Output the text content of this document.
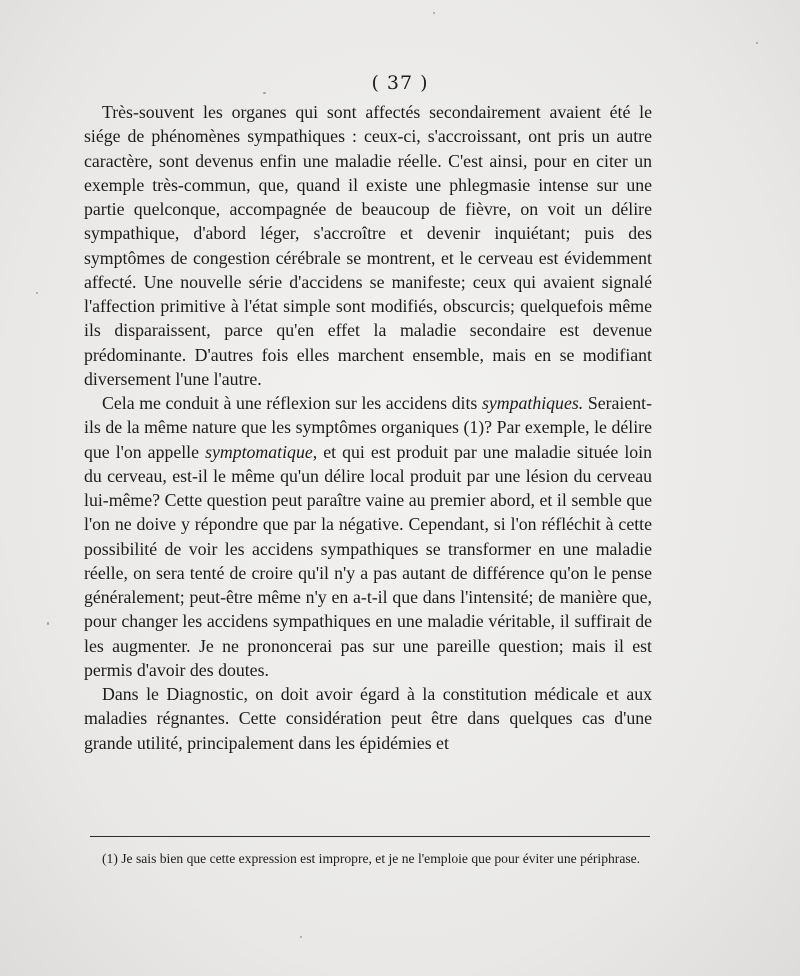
( 37 )

Très-souvent les organes qui sont affectés secondairement avaient été le siége de phénomènes sympathiques : ceux-ci, s'accroissant, ont pris un autre caractère, sont devenus enfin une maladie réelle. C'est ainsi, pour en citer un exemple très-commun, que, quand il existe une phlegmasie intense sur une partie quelconque, accompagnée de beaucoup de fièvre, on voit un délire sympathique, d'abord léger, s'accroître et devenir inquiétant; puis des symptômes de congestion cérébrale se montrent, et le cerveau est évidemment affecté. Une nouvelle série d'accidens se manifeste; ceux qui avaient signalé l'affection primitive à l'état simple sont modifiés, obscurcis; quelquefois même ils disparaissent, parce qu'en effet la maladie secondaire est devenue prédominante. D'autres fois elles marchent ensemble, mais en se modifiant diversement l'une l'autre.

Cela me conduit à une réflexion sur les accidens dits sympathiques. Seraient-ils de la même nature que les symptômes organiques (1)? Par exemple, le délire que l'on appelle symptomatique, et qui est produit par une maladie située loin du cerveau, est-il le même qu'un délire local produit par une lésion du cerveau lui-même? Cette question peut paraître vaine au premier abord, et il semble que l'on ne doive y répondre que par la négative. Cependant, si l'on réfléchit à cette possibilité de voir les accidens sympathiques se transformer en une maladie réelle, on sera tenté de croire qu'il n'y a pas autant de différence qu'on le pense généralement; peut-être même n'y en a-t-il que dans l'intensité; de manière que, pour changer les accidens sympathiques en une maladie véritable, il suffirait de les augmenter. Je ne prononcerai pas sur une pareille question; mais il est permis d'avoir des doutes.

Dans le Diagnostic, on doit avoir égard à la constitution médicale et aux maladies régnantes. Cette considération peut être dans quelques cas d'une grande utilité, principalement dans les épidémies et

(1) Je sais bien que cette expression est impropre, et je ne l'emploie que pour éviter une périphrase.
